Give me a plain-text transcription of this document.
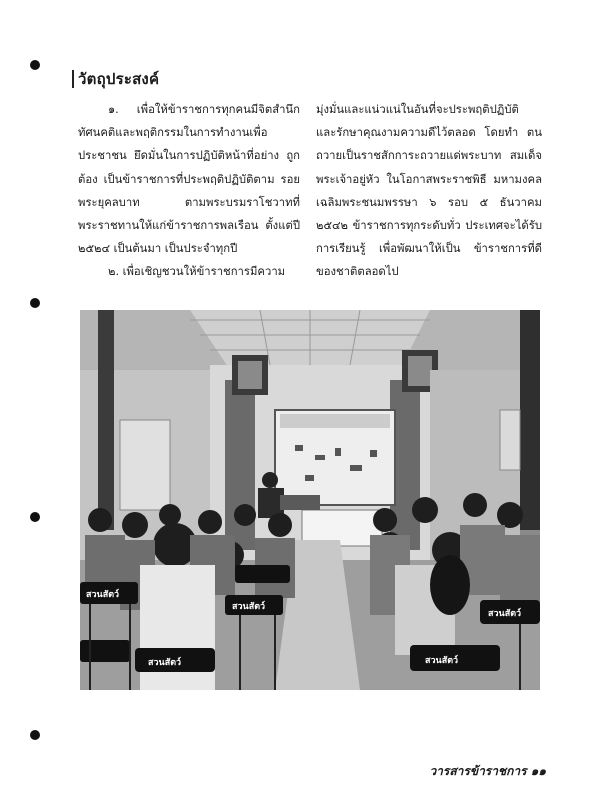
วัตถุประสงค์

๑. เพื่อให้ข้าราชการทุกคนมีจิตสำนึก ทัศนคติและพฤติกรรมในการทำงานเพื่อ ประชาชน ยึดมั่นในการปฏิบัติหน้าที่อย่าง ถูกต้อง เป็นข้าราชการที่ประพฤติปฏิบัติตาม รอยพระยุคลบาท ตามพระบรมราโชวาทที่ พระราชทานให้แก่ข้าราชการพลเรือน ตั้งแต่ปี ๒๕๒๔ เป็นต้นมา เป็นประจำทุกปี

๒. เพื่อเชิญชวนให้ข้าราชการมีความ

มุ่งมั่นและแน่วแน่ในอันที่จะประพฤติปฏิบัติ และรักษาคุณงามความดีไว้ตลอด โดยทำ ตนถวายเป็นราชสักการะถวายแด่พระบาท สมเด็จพระเจ้าอยู่หัว ในโอกาสพระราชพิธี มหามงคลเฉลิมพระชนมพรรษา ๖ รอบ ๕ ธันวาคม ๒๕๔๒ ข้าราชการทุกระดับทั่ว ประเทศจะได้รับการเรียนรู้ เพื่อพัฒนาให้เป็น ข้าราชการที่ดีของชาติตลอดไป

สวนสัตว์
สวนสัตว์
สวนสัตว์	สวนสัตว์
สวนสัตว์
วารสารข้าราชการ ๑๑
